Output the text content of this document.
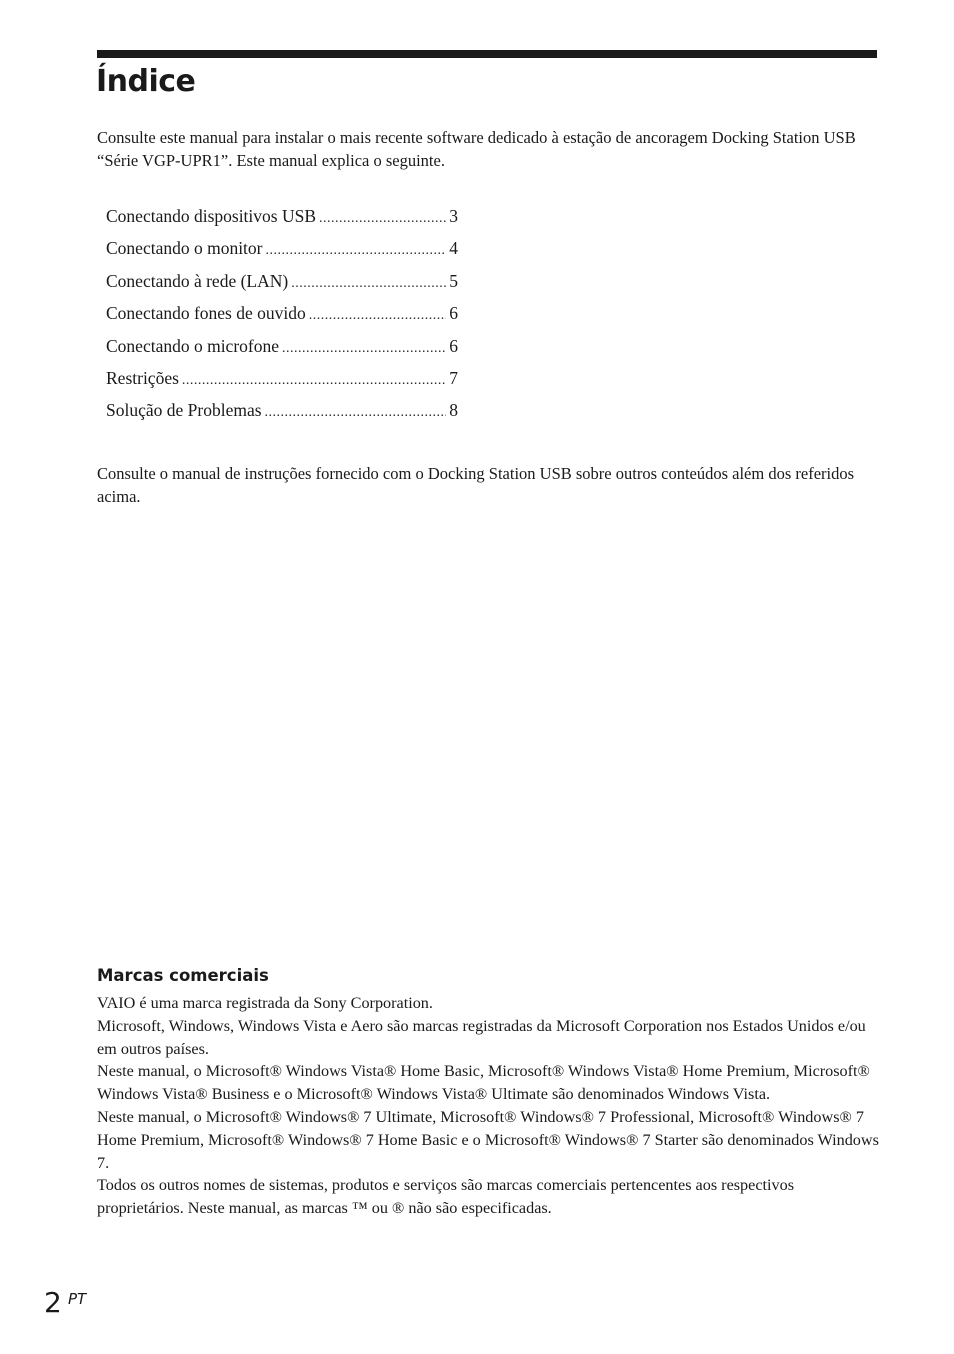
Índice

Consulte este manual para instalar o mais recente software dedicado à estação de ancoragem Docking Station USB “Série VGP-UPR1”. Este manual explica o seguinte.

Conectando dispositivos USB .....	3
Conectando o monitor .....	4
Conectando à rede (LAN) .....	5
Conectando fones de ouvido .....	6
Conectando o microfone .....	6
Restrições .....	7
Solução de Problemas .....	8

Consulte o manual de instruções fornecido com o Docking Station USB sobre outros conteúdos além dos referidos acima.

Marcas comerciais

VAIO é uma marca registrada da Sony Corporation.

Microsoft, Windows, Windows Vista e Aero são marcas registradas da Microsoft Corporation nos Estados Unidos e/ou em outros países.

Neste manual, o Microsoft® Windows Vista® Home Basic, Microsoft® Windows Vista® Home Premium, Microsoft® Windows Vista® Business e o Microsoft® Windows Vista® Ultimate são denominados Windows Vista.

Neste manual, o Microsoft® Windows® 7 Ultimate, Microsoft® Windows® 7 Professional, Microsoft® Windows® 7 Home Premium, Microsoft® Windows® 7 Home Basic e o Microsoft® Windows® 7 Starter são denominados Windows 7.

Todos os outros nomes de sistemas, produtos e serviços são marcas comerciais pertencentes aos respectivos proprietários. Neste manual, as marcas ™ ou ® não são especificadas.

2 PT
